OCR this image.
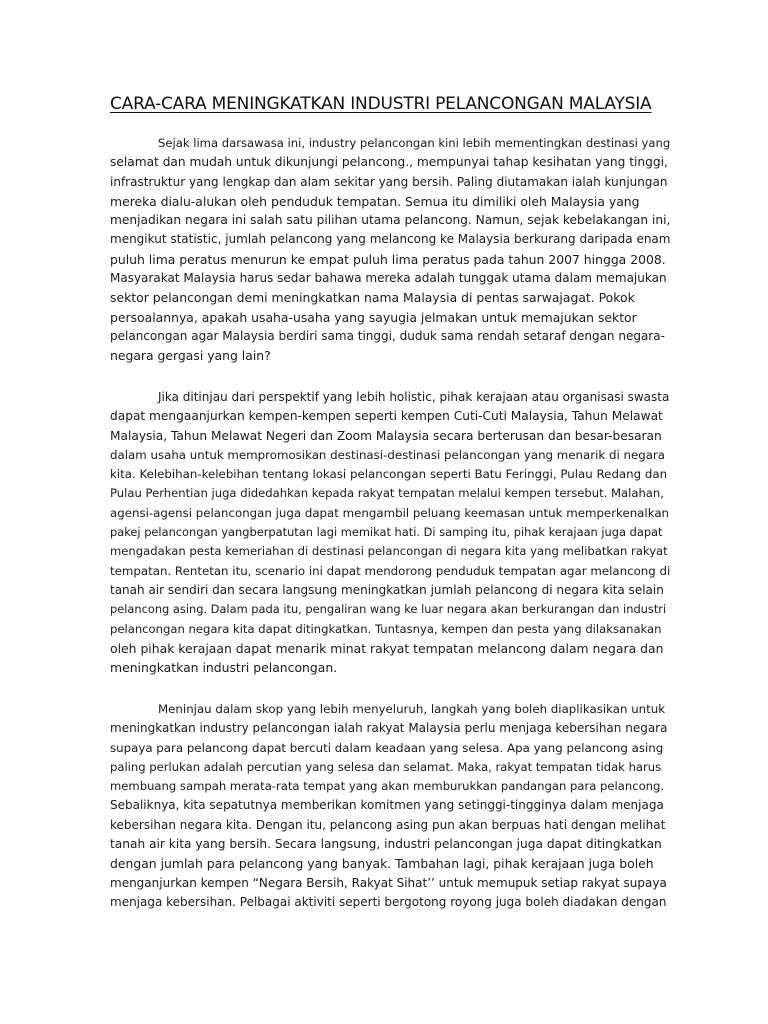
CARA-CARA MENINGKATKAN INDUSTRI PELANCONGAN MALAYSIA
Sejak lima darsawasa ini, industry pelancongan kini lebih mementingkan destinasi yang
selamat dan mudah untuk dikunjungi pelancong., mempunyai tahap kesihatan yang tinggi,
infrastruktur yang lengkap dan alam sekitar yang bersih. Paling diutamakan ialah kunjungan
mereka dialu-alukan oleh penduduk tempatan. Semua itu dimiliki oleh Malaysia yang
menjadikan negara ini salah satu pilihan utama pelancong. Namun, sejak kebelakangan ini,
mengikut statistic, jumlah pelancong yang melancong ke Malaysia berkurang daripada enam
puluh lima peratus menurun ke empat puluh lima peratus pada tahun 2007 hingga 2008.
Masyarakat Malaysia harus sedar bahawa mereka adalah tunggak utama dalam memajukan
sektor pelancongan demi meningkatkan nama Malaysia di pentas sarwajagat. Pokok
persoalannya, apakah usaha-usaha yang sayugia jelmakan untuk memajukan sektor
pelancongan agar Malaysia berdiri sama tinggi, duduk sama rendah setaraf dengan negara-
negara gergasi yang lain?
Jika ditinjau dari perspektif yang lebih holistic, pihak kerajaan atau organisasi swasta
dapat mengaanjurkan kempen-kempen seperti kempen Cuti-Cuti Malaysia, Tahun Melawat
Malaysia, Tahun Melawat Negeri dan Zoom Malaysia secara berterusan dan besar-besaran
dalam usaha untuk mempromosikan destinasi-destinasi pelancongan yang menarik di negara
kita. Kelebihan-kelebihan tentang lokasi pelancongan seperti Batu Feringgi, Pulau Redang dan
Pulau Perhentian juga didedahkan kepada rakyat tempatan melalui kempen tersebut. Malahan,
agensi-agensi pelancongan juga dapat mengambil peluang keemasan untuk memperkenalkan
pakej pelancongan yangberpatutan lagi memikat hati. Di samping itu, pihak kerajaan juga dapat
mengadakan pesta kemeriahan di destinasi pelancongan di negara kita yang melibatkan rakyat
tempatan. Rentetan itu, scenario ini dapat mendorong penduduk tempatan agar melancong di
tanah air sendiri dan secara langsung meningkatkan jumlah pelancong di negara kita selain
pelancong asing. Dalam pada itu, pengaliran wang ke luar negara akan berkurangan dan industri
pelancongan negara kita dapat ditingkatkan. Tuntasnya, kempen dan pesta yang dilaksanakan
oleh pihak kerajaan dapat menarik minat rakyat tempatan melancong dalam negara dan
meningkatkan industri pelancongan.
Meninjau dalam skop yang lebih menyeluruh, langkah yang boleh diaplikasikan untuk
meningkatkan industry pelancongan ialah rakyat Malaysia perlu menjaga kebersihan negara
supaya para pelancong dapat bercuti dalam keadaan yang selesa. Apa yang pelancong asing
paling perlukan adalah percutian yang selesa dan selamat. Maka, rakyat tempatan tidak harus
membuang sampah merata-rata tempat yang akan memburukkan pandangan para pelancong.
Sebaliknya, kita sepatutnya memberikan komitmen yang setinggi-tingginya dalam menjaga
kebersihan negara kita. Dengan itu, pelancong asing pun akan berpuas hati dengan melihat
tanah air kita yang bersih. Secara langsung, industri pelancongan juga dapat ditingkatkan
dengan jumlah para pelancong yang banyak. Tambahan lagi, pihak kerajaan juga boleh
menganjurkan kempen “Negara Bersih, Rakyat Sihat’’ untuk memupuk setiap rakyat supaya
menjaga kebersihan. Pelbagai aktiviti seperti bergotong royong juga boleh diadakan dengan
